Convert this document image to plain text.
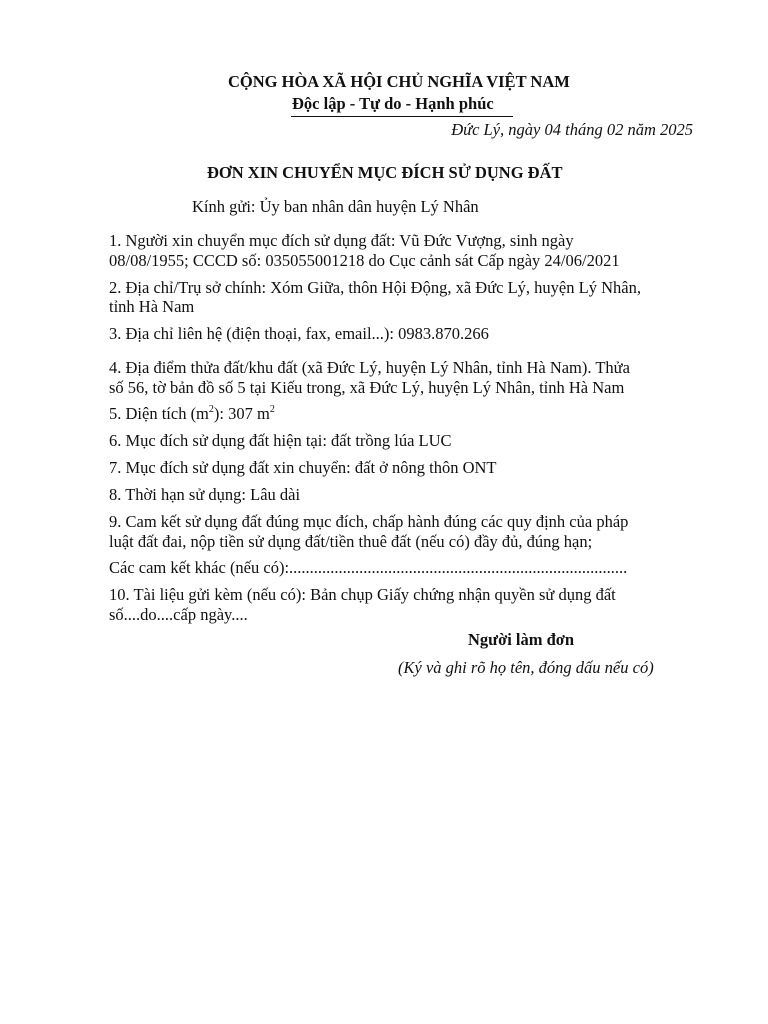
CỘNG HÒA XÃ HỘI CHỦ NGHĨA VIỆT NAM
Độc lập - Tự do - Hạnh phúc
Đức Lý, ngày 04 tháng 02 năm 2025
ĐƠN XIN CHUYỂN MỤC ĐÍCH SỬ DỤNG ĐẤT
Kính gửi: Ủy ban nhân dân huyện Lý Nhân
1. Người xin chuyển mục đích sử dụng đất: Vũ Đức Vượng, sinh ngày
08/08/1955; CCCD số: 035055001218 do Cục cảnh sát Cấp ngày 24/06/2021
2. Địa chỉ/Trụ sở chính: Xóm Giữa, thôn Hội Động, xã Đức Lý, huyện Lý Nhân,
tỉnh Hà Nam
3. Địa chỉ liên hệ (điện thoại, fax, email...): 0983.870.266
4. Địa điểm thửa đất/khu đất (xã Đức Lý, huyện Lý Nhân, tỉnh Hà Nam). Thửa
số 56, tờ bản đồ số 5 tại Kiếu trong, xã Đức Lý, huyện Lý Nhân, tỉnh Hà Nam
5. Diện tích $(m^2)$: 307 $m^2$
6. Mục đích sử dụng đất hiện tại: đất trồng lúa LUC
7. Mục đích sử dụng đất xin chuyển: đất ở nông thôn ONT
8. Thời hạn sử dụng: Lâu dài
9. Cam kết sử dụng đất đúng mục đích, chấp hành đúng các quy định của pháp
luật đất đai, nộp tiền sử dụng đất/tiền thuê đất (nếu có) đầy đủ, đúng hạn;
Các cam kết khác (nếu có):..................................................................................
10. Tài liệu gửi kèm (nếu có): Bản chụp Giấy chứng nhận quyền sử dụng đất
số....do....cấp ngày....
Người làm đơn
(Ký và ghi rõ họ tên, đóng dấu nếu có)
